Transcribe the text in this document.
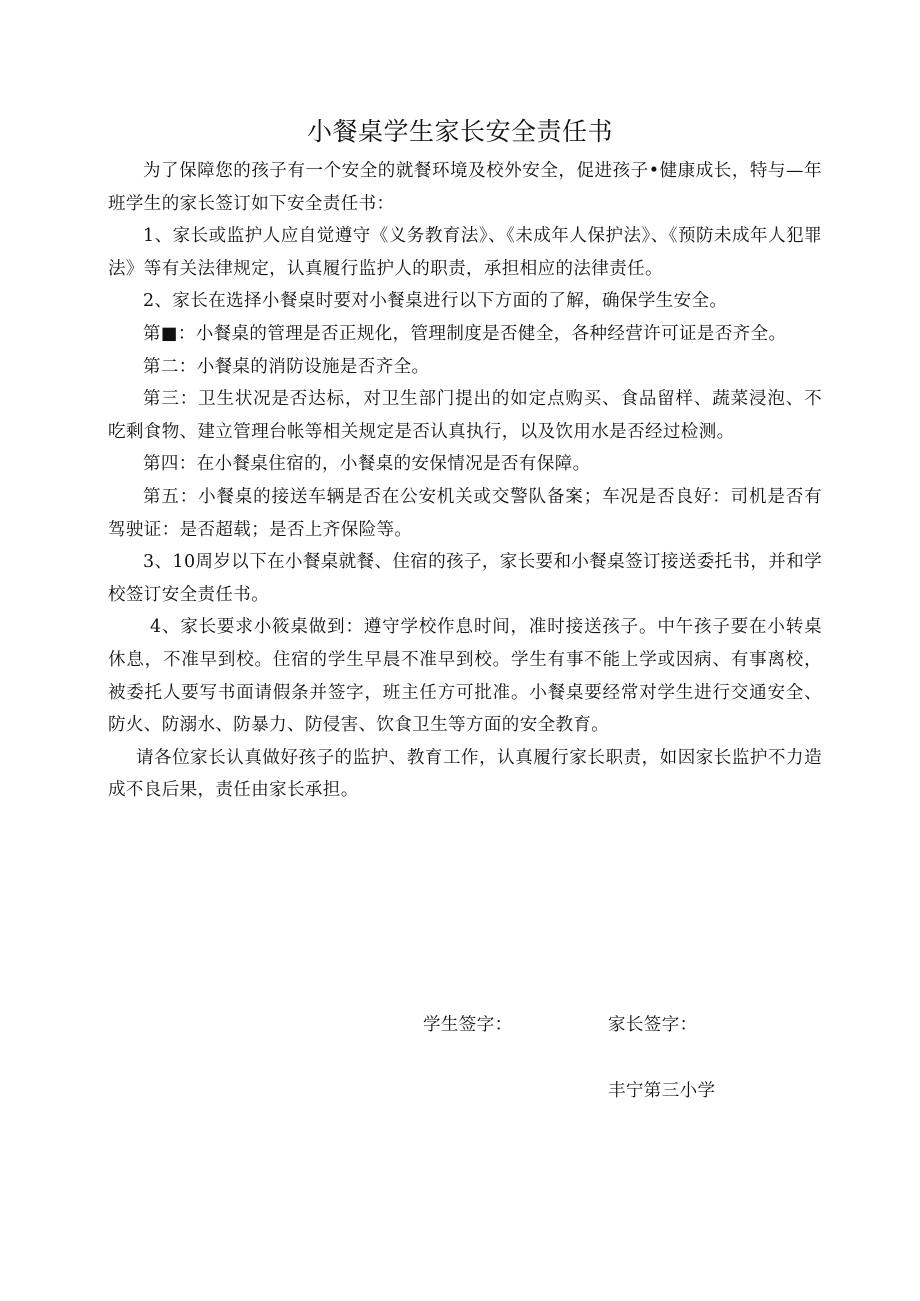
小餐桌学生家长安全责任书

为了保障您的孩子有一个安全的就餐环境及校外安全，促进孩子•健康成长，特与—年班学生的家长签订如下安全责任书：

1、家长或监护人应自觉遵守《义务教育法》、《未成年人保护法》、《预防未成年人犯罪法》等有关法律规定，认真履行监护人的职责，承担相应的法律责任。

2、家长在选择小餐桌时要对小餐桌进行以下方面的了解，确保学生安全。

第■：小餐桌的管理是否正规化，管理制度是否健全，各种经营许可证是否齐全。

第二：小餐桌的消防设施是否齐全。

第三：卫生状况是否达标，对卫生部门提出的如定点购买、食品留样、蔬菜浸泡、不吃剩食物、建立管理台帐等相关规定是否认真执行，以及饮用水是否经过检测。

第四：在小餐桌住宿的，小餐桌的安保情况是否有保障。

第五：小餐桌的接送车辆是否在公安机关或交警队备案；车况是否良好：司机是否有驾驶证：是否超载；是否上齐保险等。

3、10周岁以下在小餐桌就餐、住宿的孩子，家长要和小餐桌签订接送委托书，并和学校签订安全责任书。

4、家长要求小筱桌做到：遵守学校作息时间，准时接送孩子。中午孩子要在小转桌休息，不准早到校。住宿的学生早晨不准早到校。学生有事不能上学或因病、有事离校，被委托人要写书面请假条并签字，班主任方可批准。小餐桌要经常对学生进行交通安全、防火、防溺水、防暴力、防侵害、饮食卫生等方面的安全教育。

请各位家长认真做好孩子的监护、教育工作，认真履行家长职责，如因家长监护不力造成不良后果，责任由家长承担。

学生签字：	家长签字：
丰宁第三小学
